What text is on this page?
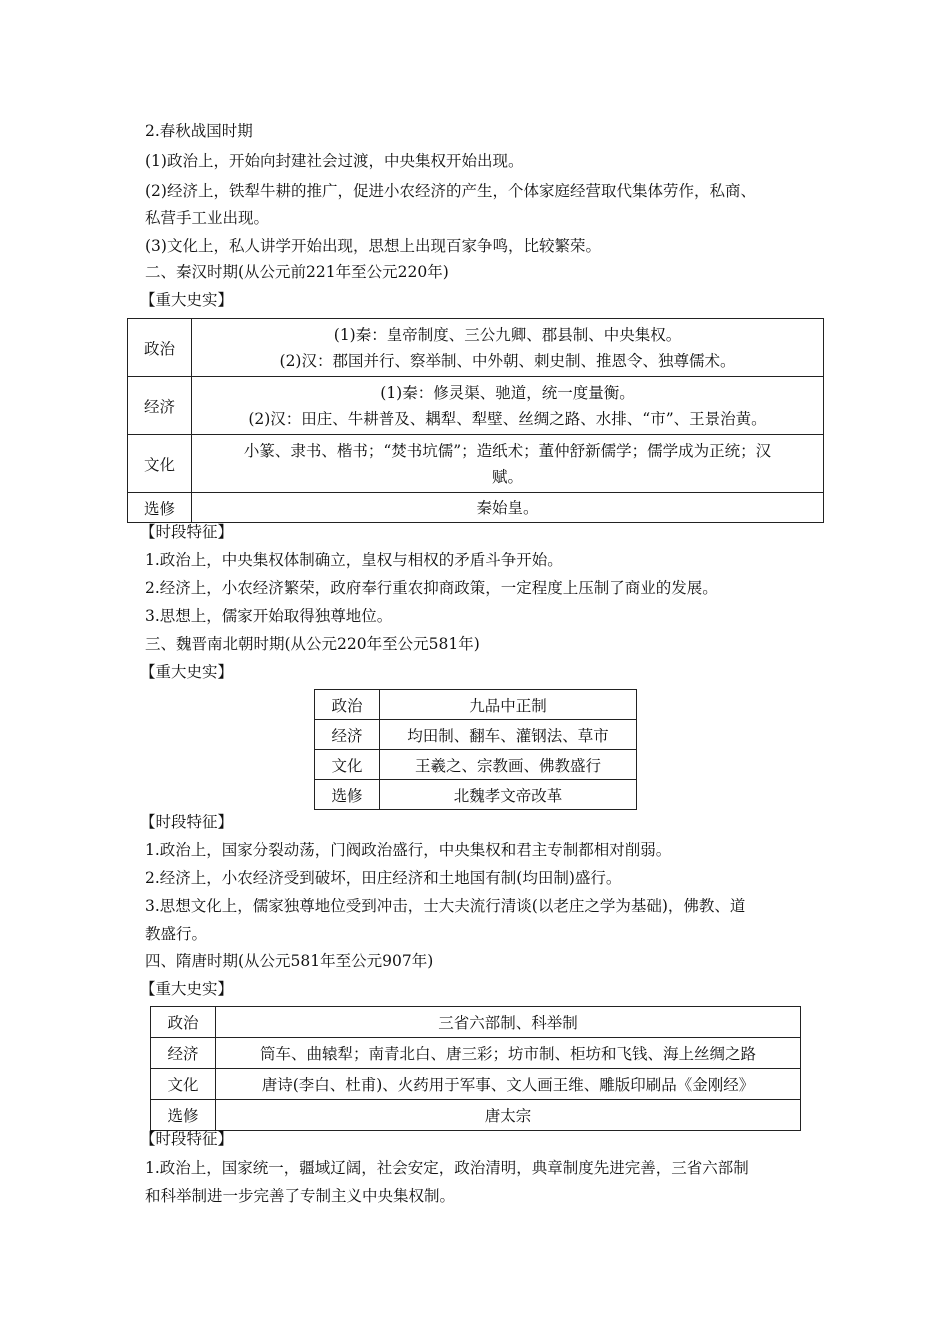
2.春秋战国时期
(1)政治上，开始向封建社会过渡，中央集权开始出现。
(2)经济上，铁犁牛耕的推广，促进小农经济的产生，个体家庭经营取代集体劳作，私商、
私营手工业出现。
(3)文化上，私人讲学开始出现，思想上出现百家争鸣，比较繁荣。
二、秦汉时期(从公元前221年至公元220年)
【重大史实】
政治	(1)秦：皇帝制度、三公九卿、郡县制、中央集权。
(2)汉：郡国并行、察举制、中外朝、刺史制、推恩令、独尊儒术。

经济	(1)秦：修灵渠、驰道，统一度量衡。
(2)汉：田庄、牛耕普及、耦犁、犁壁、丝绸之路、水排、“市”、王景治黄。

文化	小篆、隶书、楷书；“焚书坑儒”；造纸术；董仲舒新儒学；儒学成为正统；汉
赋。

选修	秦始皇。
【时段特征】
1.政治上，中央集权体制确立，皇权与相权的矛盾斗争开始。
2.经济上，小农经济繁荣，政府奉行重农抑商政策，一定程度上压制了商业的发展。
3.思想上，儒家开始取得独尊地位。
三、魏晋南北朝时期(从公元220年至公元581年)
【重大史实】
政治	九品中正制
经济	均田制、翻车、灌钢法、草市
文化	王羲之、宗教画、佛教盛行
选修	北魏孝文帝改革
【时段特征】
1.政治上，国家分裂动荡，门阀政治盛行，中央集权和君主专制都相对削弱。
2.经济上，小农经济受到破坏，田庄经济和土地国有制(均田制)盛行。
3.思想文化上，儒家独尊地位受到冲击，士大夫流行清谈(以老庄之学为基础)，佛教、道
教盛行。
四、隋唐时期(从公元581年至公元907年)
【重大史实】
政治	三省六部制、科举制
经济	筒车、曲辕犁；南青北白、唐三彩；坊市制、柜坊和飞钱、海上丝绸之路
文化	唐诗(李白、杜甫)、火药用于军事、文人画王维、雕版印刷品《金刚经》
选修	唐太宗
【时段特征】
1.政治上，国家统一，疆域辽阔，社会安定，政治清明，典章制度先进完善，三省六部制
和科举制进一步完善了专制主义中央集权制。
